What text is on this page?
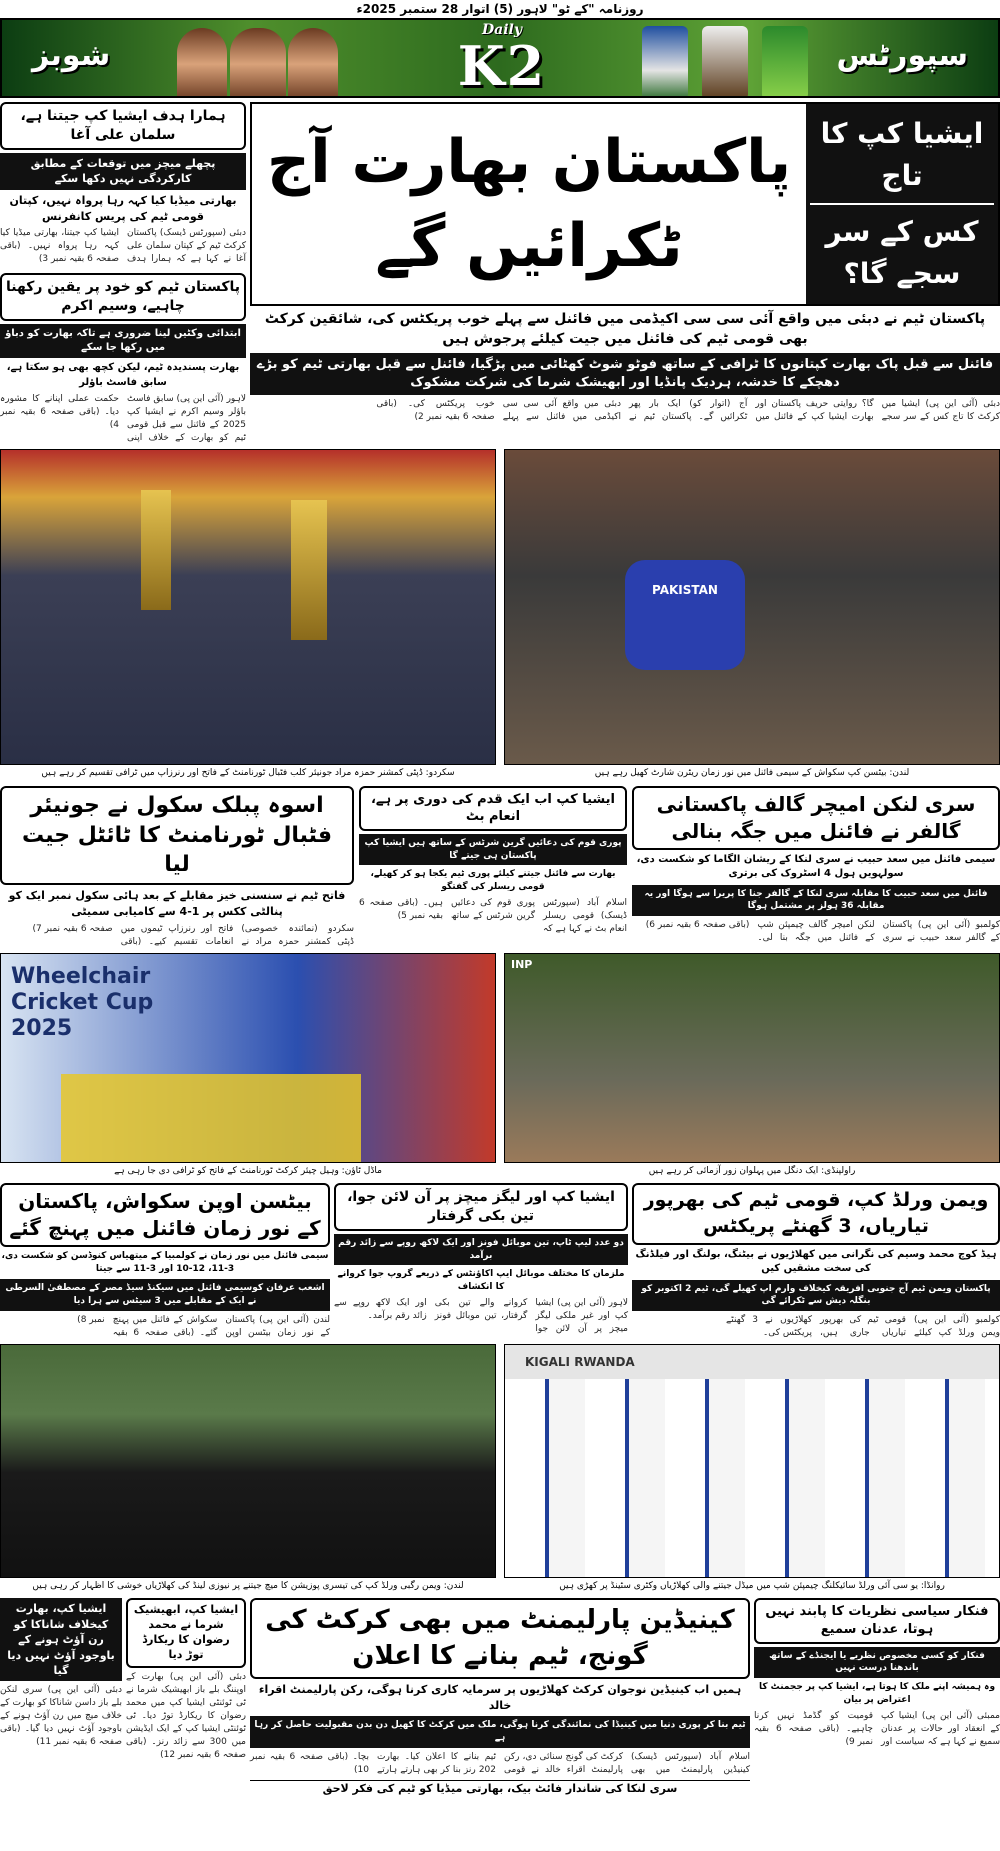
روزنامہ "کے ٹو" لاہور (5) اتوار 28 ستمبر 2025ء
شوبز
Daily
K2	سپورٹس
ایشیا کپ کا تاج
کس کے سر سجے گا؟
پاکستان بھارت آج ٹکرائیں گے
پاکستان ٹیم نے دبئی میں واقع آئی سی سی اکیڈمی میں فائنل سے پہلے خوب پریکٹس کی، شائقین کرکٹ بھی قومی ٹیم کی فائنل میں جیت کیلئے پرجوش ہیں
فائنل سے قبل پاک بھارت کپتانوں کا ٹرافی کے ساتھ فوٹو شوٹ کھٹائی میں پڑگیا، فائنل سے قبل بھارتی ٹیم کو بڑے دھچکے کا خدشہ، ہردیک پانڈیا اور ابھیشک شرما کی شرکت مشکوک
دبئی (آئی این پی) ایشیا میں کرکٹ کا تاج کس کے سر سجے گا؟ روایتی حریف پاکستان اور بھارت ایشیا کپ کے فائنل میں آج (اتوار کو) ایک بار پھر ٹکرائیں گے۔ پاکستان ٹیم نے دبئی میں واقع آئی سی سی اکیڈمی میں فائنل سے پہلے خوب پریکٹس کی۔ (باقی صفحہ 6 بقیہ نمبر 2)
ہمارا ہدف ایشیا کپ جیتنا ہے، سلمان علی آغا
پچھلے میچز میں توقعات کے مطابق کارکردگی نہیں دکھا سکے
بھارتی میڈیا کیا کہہ رہا پرواہ نہیں، کپتان قومی ٹیم کی پریس کانفرنس
دبئی (سپورٹس ڈیسک) پاکستان کرکٹ ٹیم کے کپتان سلمان علی آغا نے کہا ہے کہ ہمارا ہدف ایشیا کپ جیتنا، بھارتی میڈیا کیا کہہ رہا پرواہ نہیں۔ (باقی صفحہ 6 بقیہ نمبر 3)
پاکستان ٹیم کو خود پر یقین رکھنا چاہیے، وسیم اکرم
ابتدائی وکٹیں لینا ضروری ہے تاکہ بھارت کو دباؤ میں رکھا جا سکے
بھارت پسندیدہ ٹیم، لیکن کچھ بھی ہو سکتا ہے، سابق فاسٹ باؤلر
لاہور (آئی این پی) سابق فاسٹ باؤلر وسیم اکرم نے ایشیا کپ 2025 کے فائنل سے قبل قومی ٹیم کو بھارت کے خلاف اپنی حکمت عملی اپنانے کا مشورہ دیا۔ (باقی صفحہ 6 بقیہ نمبر 4)
PAKISTAN
لندن: بیٹسن کپ سکواش کے سیمی فائنل میں نور زمان ریٹرن شارٹ کھیل رہے ہیں
سکردو: ڈپٹی کمشنر حمزہ مراد جونیئر کلب فٹبال ٹورنامنٹ کے فاتح اور رنرزاپ میں ٹرافی تقسیم کر رہے ہیں
سری لنکن امیچر گالف پاکستانی گالفر نے فائنل میں جگہ بنالی
سیمی فائنل میں سعد حبیب نے سری لنکا کے ریشان الگاما کو شکست دی، سولہویں ہول 4 اسٹروک کی برتری
فائنل میں سعد حبیب کا مقابلہ سری لنکا کے گالفر جنا کا پریرا سے ہوگا اور یہ مقابلہ 36 ہولز پر مشتمل ہوگا
کولمبو (آئی این پی) پاکستان کے گالفر سعد حبیب نے سری لنکن امیچر گالف چیمپئن شپ کے فائنل میں جگہ بنا لی۔ (باقی صفحہ 6 بقیہ نمبر 6)
ایشیا کپ اب ایک قدم کی دوری پر ہے، انعام بٹ
پوری قوم کی دعائیں گرین شرٹس کے ساتھ ہیں ایشیا کپ پاکستان ہی جیتے گا
بھارت سے فائنل جیتنے کیلئے پوری ٹیم یکجا ہو کر کھیلے، قومی ریسلر کی گفتگو
اسلام آباد (سپورٹس ڈیسک) قومی ریسلر انعام بٹ نے کہا ہے کہ پوری قوم کی دعائیں گرین شرٹس کے ساتھ ہیں۔ (باقی صفحہ 6 بقیہ نمبر 5)
اسوہ پبلک سکول نے جونیئر فٹبال ٹورنامنٹ کا ٹائٹل جیت لیا
فاتح ٹیم نے سنسنی خیز مقابلے کے بعد ہائی سکول نمبر ایک کو پنالٹی ککس پر 1-4 سے کامیابی سمیٹی
سکردو (نمائندہ خصوصی) ڈپٹی کمشنر حمزہ مراد نے فاتح اور رنرزاپ ٹیموں میں انعامات تقسیم کیے۔ (باقی صفحہ 6 بقیہ نمبر 7)
INP
راولپنڈی: ایک دنگل میں پہلوان زور آزمائی کر رہے ہیں
Wheelchair Cricket Cup 2025
ماڈل ٹاؤن: وہیل چیئر کرکٹ ٹورنامنٹ کے فاتح کو ٹرافی دی جا رہی ہے
ویمن ورلڈ کپ، قومی ٹیم کی بھرپور تیاریاں، 3 گھنٹے پریکٹس
ہیڈ کوچ محمد وسیم کی نگرانی میں کھلاڑیوں نے بیٹنگ، بولنگ اور فیلڈنگ کی سخت مشقیں کیں
پاکستان ویمن ٹیم آج جنوبی افریقہ کیخلاف وارم اپ کھیلے گی، ٹیم 2 اکتوبر کو بنگلہ دیش سے ٹکرائے گی
کولمبو (آئی این پی) ویمن ورلڈ کپ کیلئے قومی ٹیم کی بھرپور تیاریاں جاری ہیں، کھلاڑیوں نے 3 گھنٹے پریکٹس کی۔
ایشیا کپ اور لیگز میچز پر آن لائن جوا، تین بکی گرفتار
دو عدد لیپ ٹاپ، تین موبائل فونز اور ایک لاکھ روپے سے زائد رقم برآمد
ملزمان کا مختلف موبائل ایپ اکاؤنٹس کے ذریعے گروپ جوا کروانے کا انکشاف
لاہور (آئی این پی) ایشیا کپ اور غیر ملکی لیگز میچز پر آن لائن جوا کروانے والے تین بکی گرفتار، تین موبائل فونز اور ایک لاکھ روپے سے زائد رقم برآمد۔
بیٹسن اوپن سکواش، پاکستان کے نور زمان فائنل میں پہنچ گئے
سیمی فائنل میں نور زمان نے کولمبیا کے میتھیاس کنوڈسن کو شکست دی، 3-11، 12-10 اور 3-11 سے جیتا
اشعب عرفان کوسیمی فائنل میں سیکنڈ سیڈ مصر کے مصطفیٰ السرطی نے ایک کے مقابلے میں 3 سیٹس سے ہرا دیا
لندن (آئی این پی) پاکستان کے نور زمان بیٹسن اوپن سکواش کے فائنل میں پہنچ گئے۔ (باقی صفحہ 6 بقیہ نمبر 8)
KIGALI RWANDA
روانڈا: یو سی آئی ورلڈ سائیکلنگ چیمپئن شپ میں میڈل جیتنے والی کھلاڑیاں وکٹری سٹینڈ پر کھڑی ہیں
لندن: ویمن رگبی ورلڈ کپ کی تیسری پوزیشن کا میچ جیتنے پر نیوزی لینڈ کی کھلاڑیاں خوشی کا اظہار کر رہی ہیں
فنکار سیاسی نظریات کا پابند نہیں ہوتا، عدنان سمیع
فنکار کو کسی مخصوص نظریے یا ایجنڈے کے ساتھ باندھنا درست نہیں
وہ ہمیشہ اپنے ملک کا ہوتا ہے، ایشیا کپ پر ججمنٹ کا اعتراض پر بیان
ممبئی (آئی این پی) ایشیا کپ کے انعقاد اور حالات پر عدنان سمیع نے کہا ہے کہ سیاست اور قومیت کو گڈمڈ نہیں کرنا چاہیے۔ (باقی صفحہ 6 بقیہ نمبر 9)
کینیڈین پارلیمنٹ میں بھی کرکٹ کی گونج، ٹیم بنانے کا اعلان
ہمیں اب کینیڈین نوجوان کرکٹ کھلاڑیوں پر سرمایہ کاری کرنا ہوگی، رکن پارلیمنٹ اقراء خالد
ٹیم بنا کر پوری دنیا میں کینیڈا کی نمائندگی کرنا ہوگی، ملک میں کرکٹ کا کھیل دن بدن مقبولیت حاصل کر رہا ہے
اسلام آباد (سپورٹس ڈیسک) کینیڈین پارلیمنٹ میں بھی کرکٹ کی گونج سنائی دی، رکن پارلیمنٹ اقراء خالد نے قومی ٹیم بنانے کا اعلان کیا۔ بھارت 202 رنز بنا کر بھی ہارتے ہارتے بچا۔ (باقی صفحہ 6 بقیہ نمبر 10)
سری لنکا کی شاندار فائٹ بیک، بھارتی میڈیا کو ٹیم کی فکر لاحق
ایشیا کپ، ابھیشیک شرما نے محمد رضوان کا ریکارڈ توڑ دیا
دبئی (آئی این پی) بھارت کے اوپننگ بلے باز ابھیشیک شرما نے ٹی ٹوئنٹی ایشیا کپ میں محمد رضوان کا ریکارڈ توڑ دیا۔ ٹی ٹوئنٹی ایشیا کپ کے ایک ایڈیشن میں 300 سے زائد رنز۔ (باقی صفحہ 6 بقیہ نمبر 12)
ایشیا کپ، بھارت کیخلاف شاناکا کو رن آؤٹ ہونے کے باوجود آؤٹ نہیں دیا گیا
دبئی (آئی این پی) سری لنکن بلے باز داسن شاناکا کو بھارت کے خلاف میچ میں رن آؤٹ ہونے کے باوجود آؤٹ نہیں دیا گیا۔ (باقی صفحہ 6 بقیہ نمبر 11)
